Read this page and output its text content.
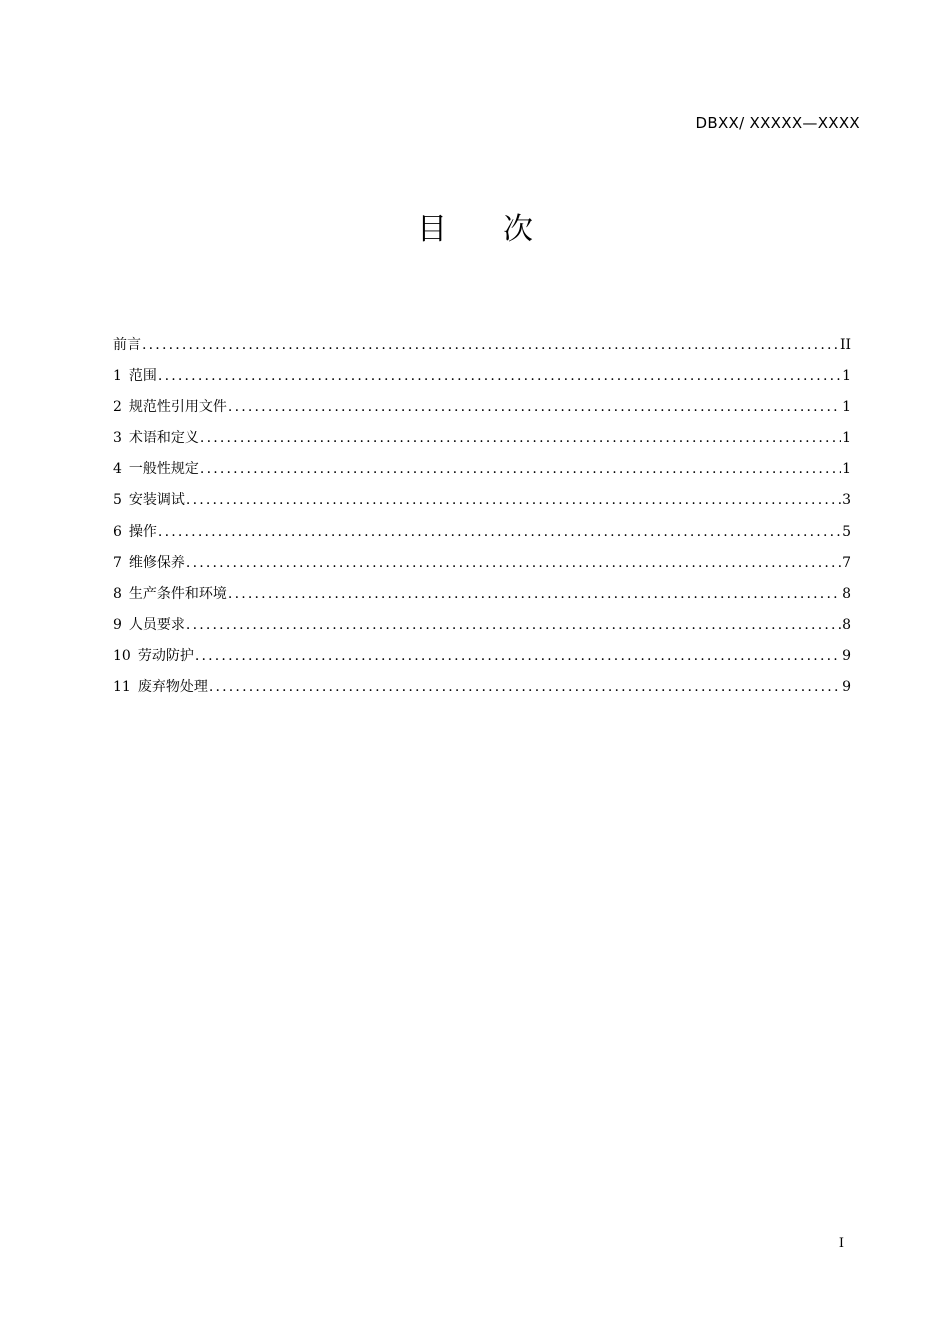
DBXX/ XXXXX—XXXX
目 次
前言 .....	II
1 范围 .....	1
2 规范性引用文件 .....	1
3 术语和定义 .....	1
4 一般性规定 .....	1
5 安装调试 .....	3
6 操作 .....	5
7 维修保养 .....	7
8 生产条件和环境 .....	8
9 人员要求 .....	8
10 劳动防护 .....	9
11 废弃物处理 .....	9
I
